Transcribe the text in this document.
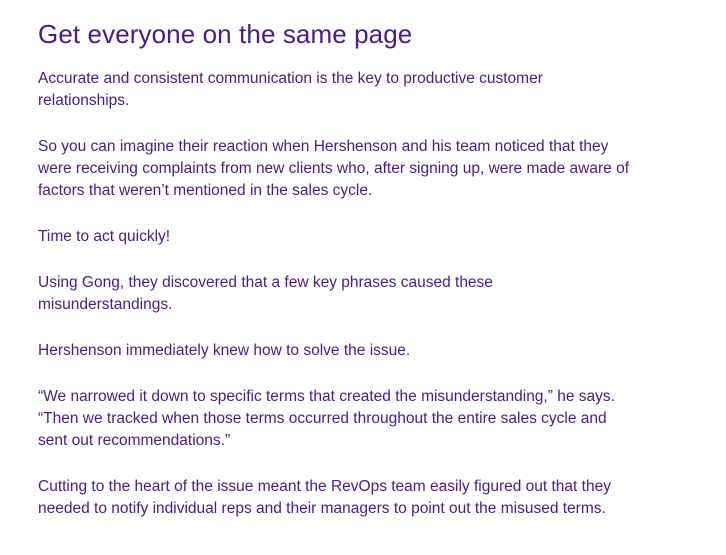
Get everyone on the same page

Accurate and consistent communication is the key to productive customer relationships.

So you can imagine their reaction when Hershenson and his team noticed that they were receiving complaints from new clients who, after signing up, were made aware of factors that weren’t mentioned in the sales cycle.

Time to act quickly!

Using Gong, they discovered that a few key phrases caused these misunderstandings.

Hershenson immediately knew how to solve the issue.

“We narrowed it down to specific terms that created the misunderstanding,” he says. “Then we tracked when those terms occurred throughout the entire sales cycle and sent out recommendations.”

Cutting to the heart of the issue meant the RevOps team easily figured out that they needed to notify individual reps and their managers to point out the misused terms.
